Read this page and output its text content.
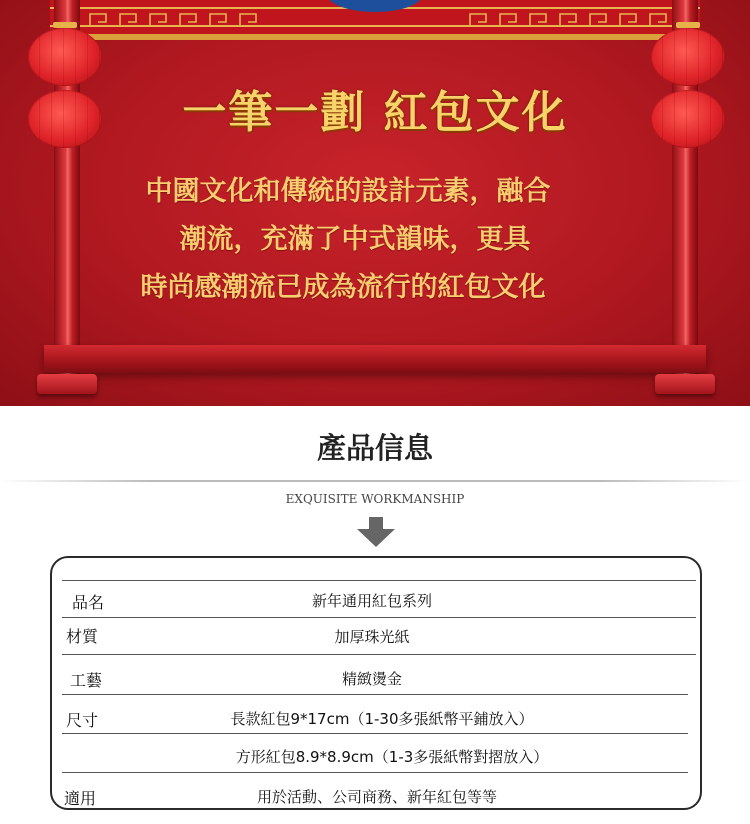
一筆一劃 紅包文化

中國文化和傳統的設計元素，融合

潮流，充滿了中式韻味，更具

時尚感潮流已成為流行的紅包文化

產品信息

EXQUISITE WORKMANSHIP

品名	新年通用紅包系列
材質	加厚珠光紙
工藝	精緻燙金
尺寸	長款紅包9*17cm（1-30多張紙幣平鋪放入）
方形紅包8.9*8.9cm（1-3多張紙幣對摺放入）
適用	用於活動、公司商務、新年紅包等等
